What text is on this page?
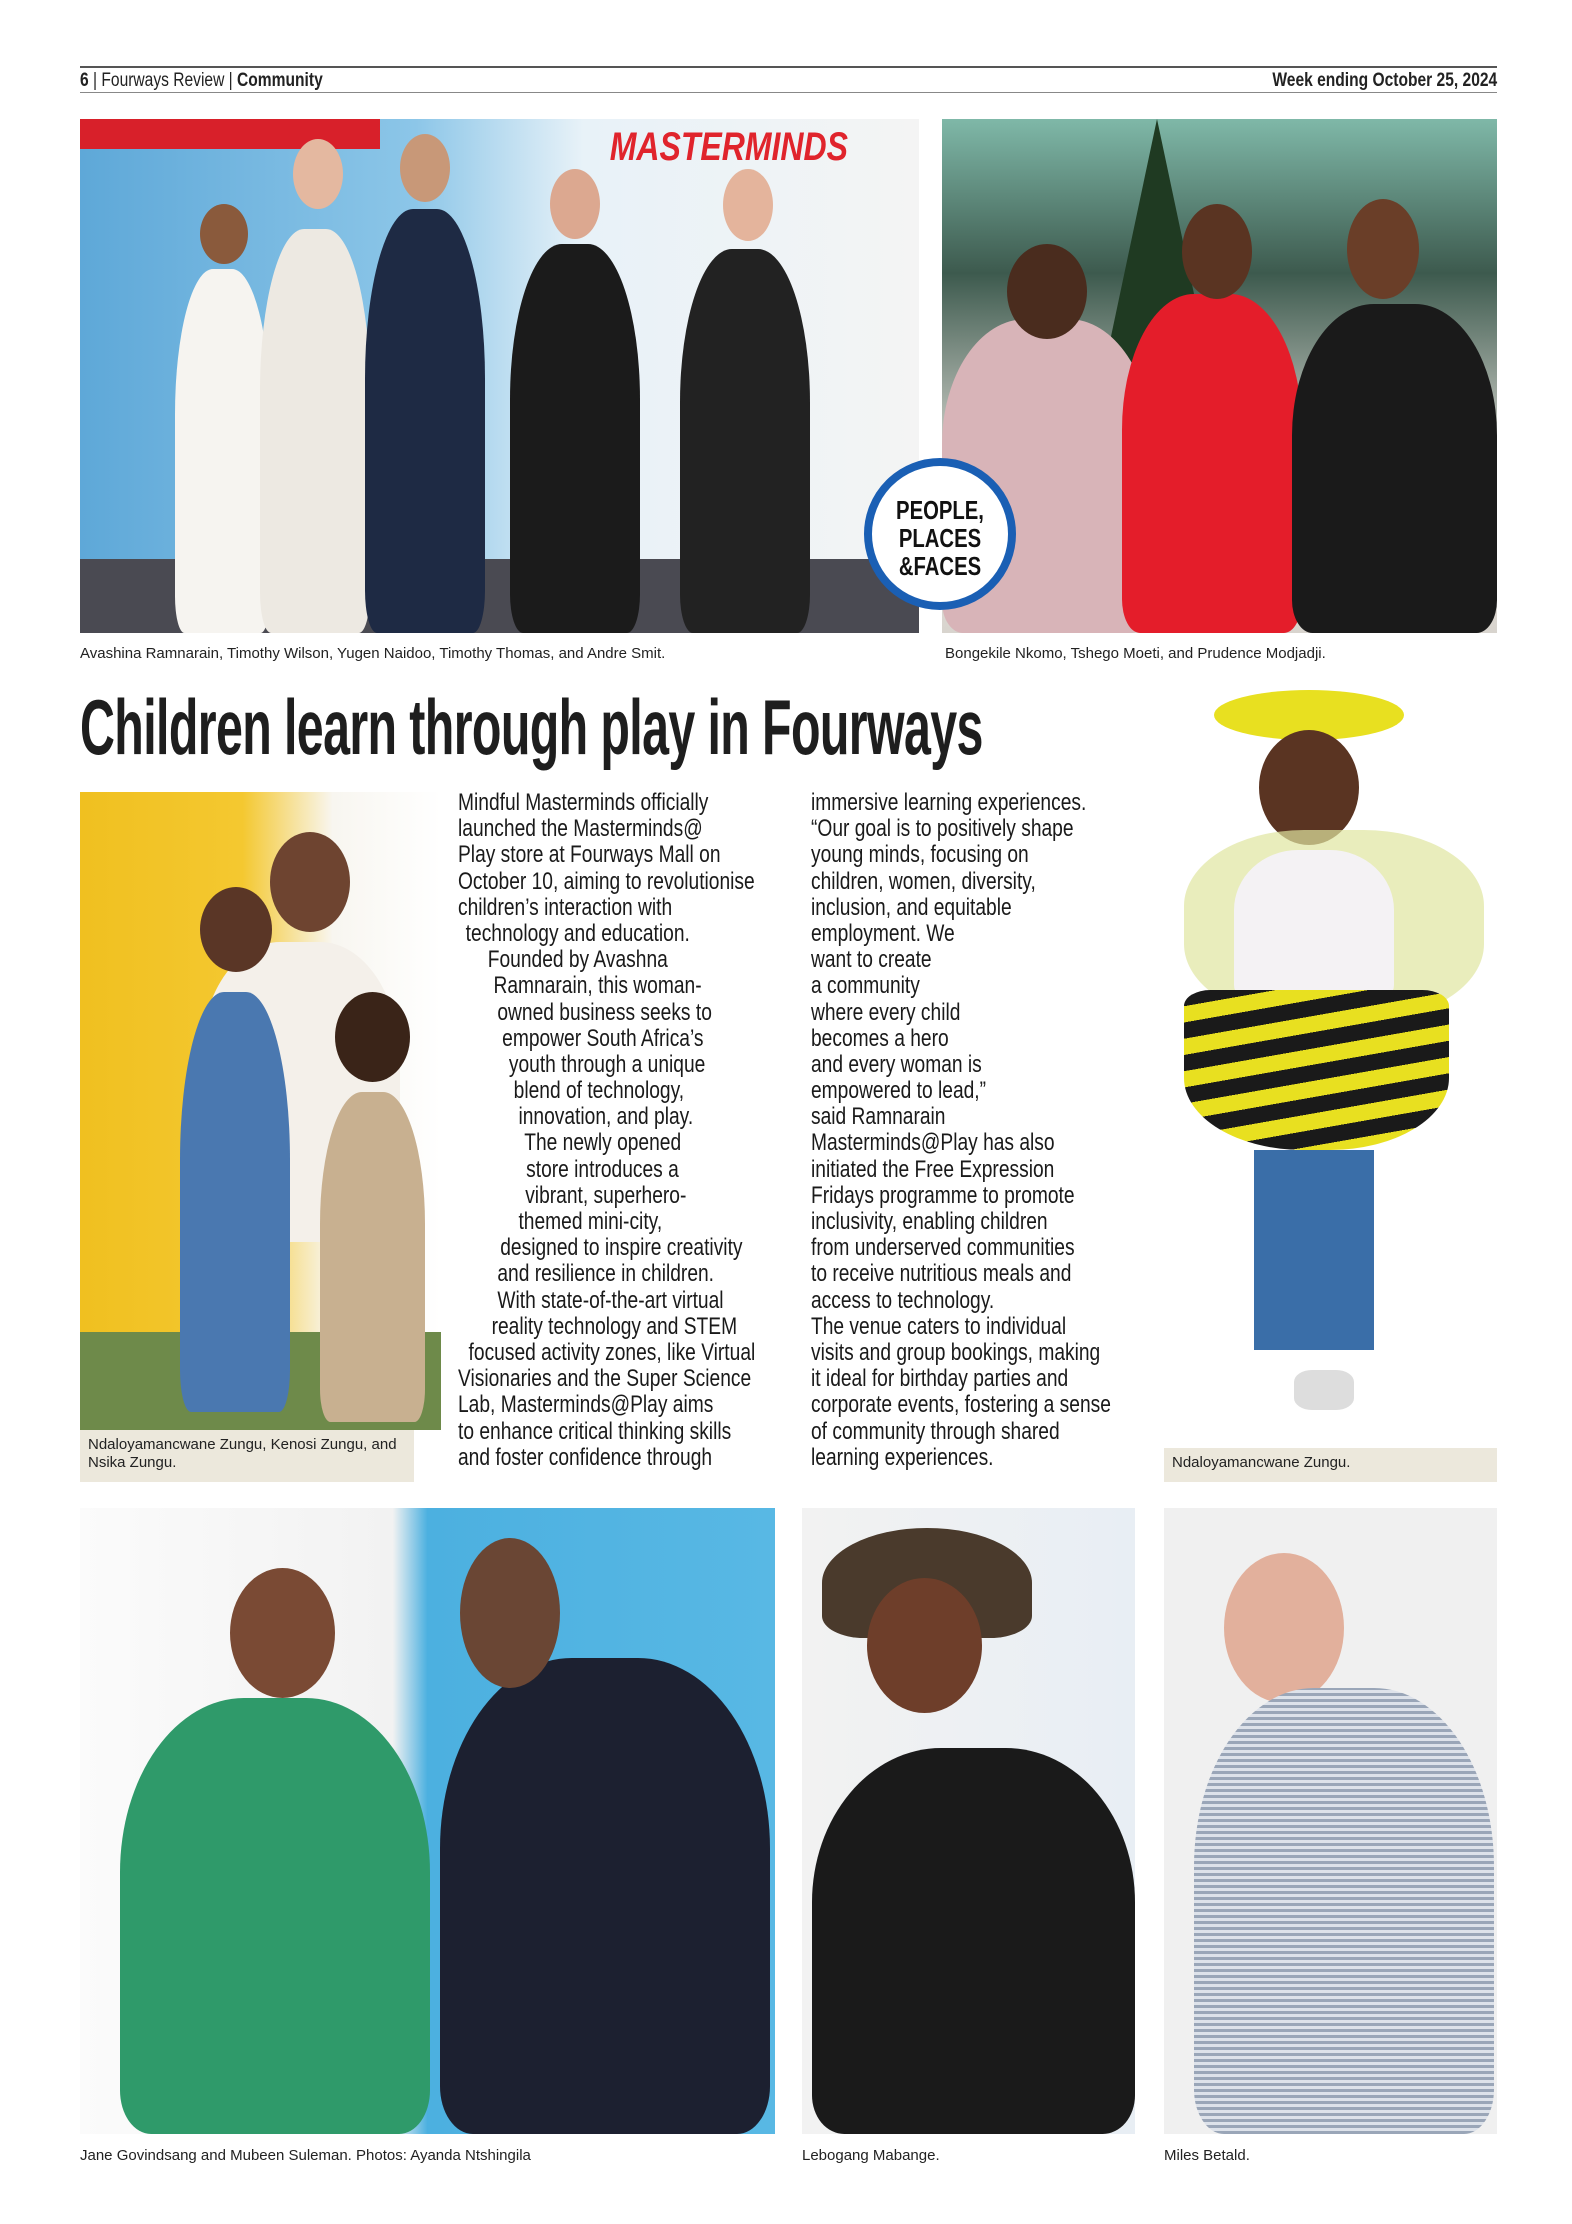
6 | Fourways Review | Community	Week ending October 25, 2024
MASTERMINDS
PEOPLE,
PLACES
&FACES
Avashina Ramnarain, Timothy Wilson, Yugen Naidoo, Timothy Thomas, and Andre Smit.	Bongekile Nkomo, Tshego Moeti, and Prudence Modjadji.
Children learn through play in Fourways
Ndaloyamancwane Zungu, Kenosi Zungu, and Nsika Zungu.
Mindful Masterminds officially
launched the Masterminds@
Play store at Fourways Mall on
October 10, aiming to revolutionise
children’s interaction with
technology and education.
Founded by Avashna
Ramnarain, this woman-
owned business seeks to
empower South Africa’s
youth through a unique
blend of technology,
innovation, and play.
The newly opened
store introduces a
vibrant, superhero-
themed mini-city,
designed to inspire creativity
and resilience in children.
With state-of-the-art virtual
reality technology and STEM
focused activity zones, like Virtual
Visionaries and the Super Science
Lab, Masterminds@Play aims
to enhance critical thinking skills
and foster confidence through
immersive learning experiences.
“Our goal is to positively shape
young minds, focusing on
children, women, diversity,
inclusion, and equitable
employment. We
want to create
a community
where every child
becomes a hero
and every woman is
empowered to lead,”
said Ramnarain
Masterminds@Play has also
initiated the Free Expression
Fridays programme to promote
inclusivity, enabling children
from underserved communities
to receive nutritious meals and
access to technology.
The venue caters to individual
visits and group bookings, making
it ideal for birthday parties and
corporate events, fostering a sense
of community through shared
learning experiences.	Ndaloyamancwane Zungu.
Jane Govindsang and Mubeen Suleman. Photos: Ayanda Ntshingila	Lebogang Mabange.	Miles Betald.
